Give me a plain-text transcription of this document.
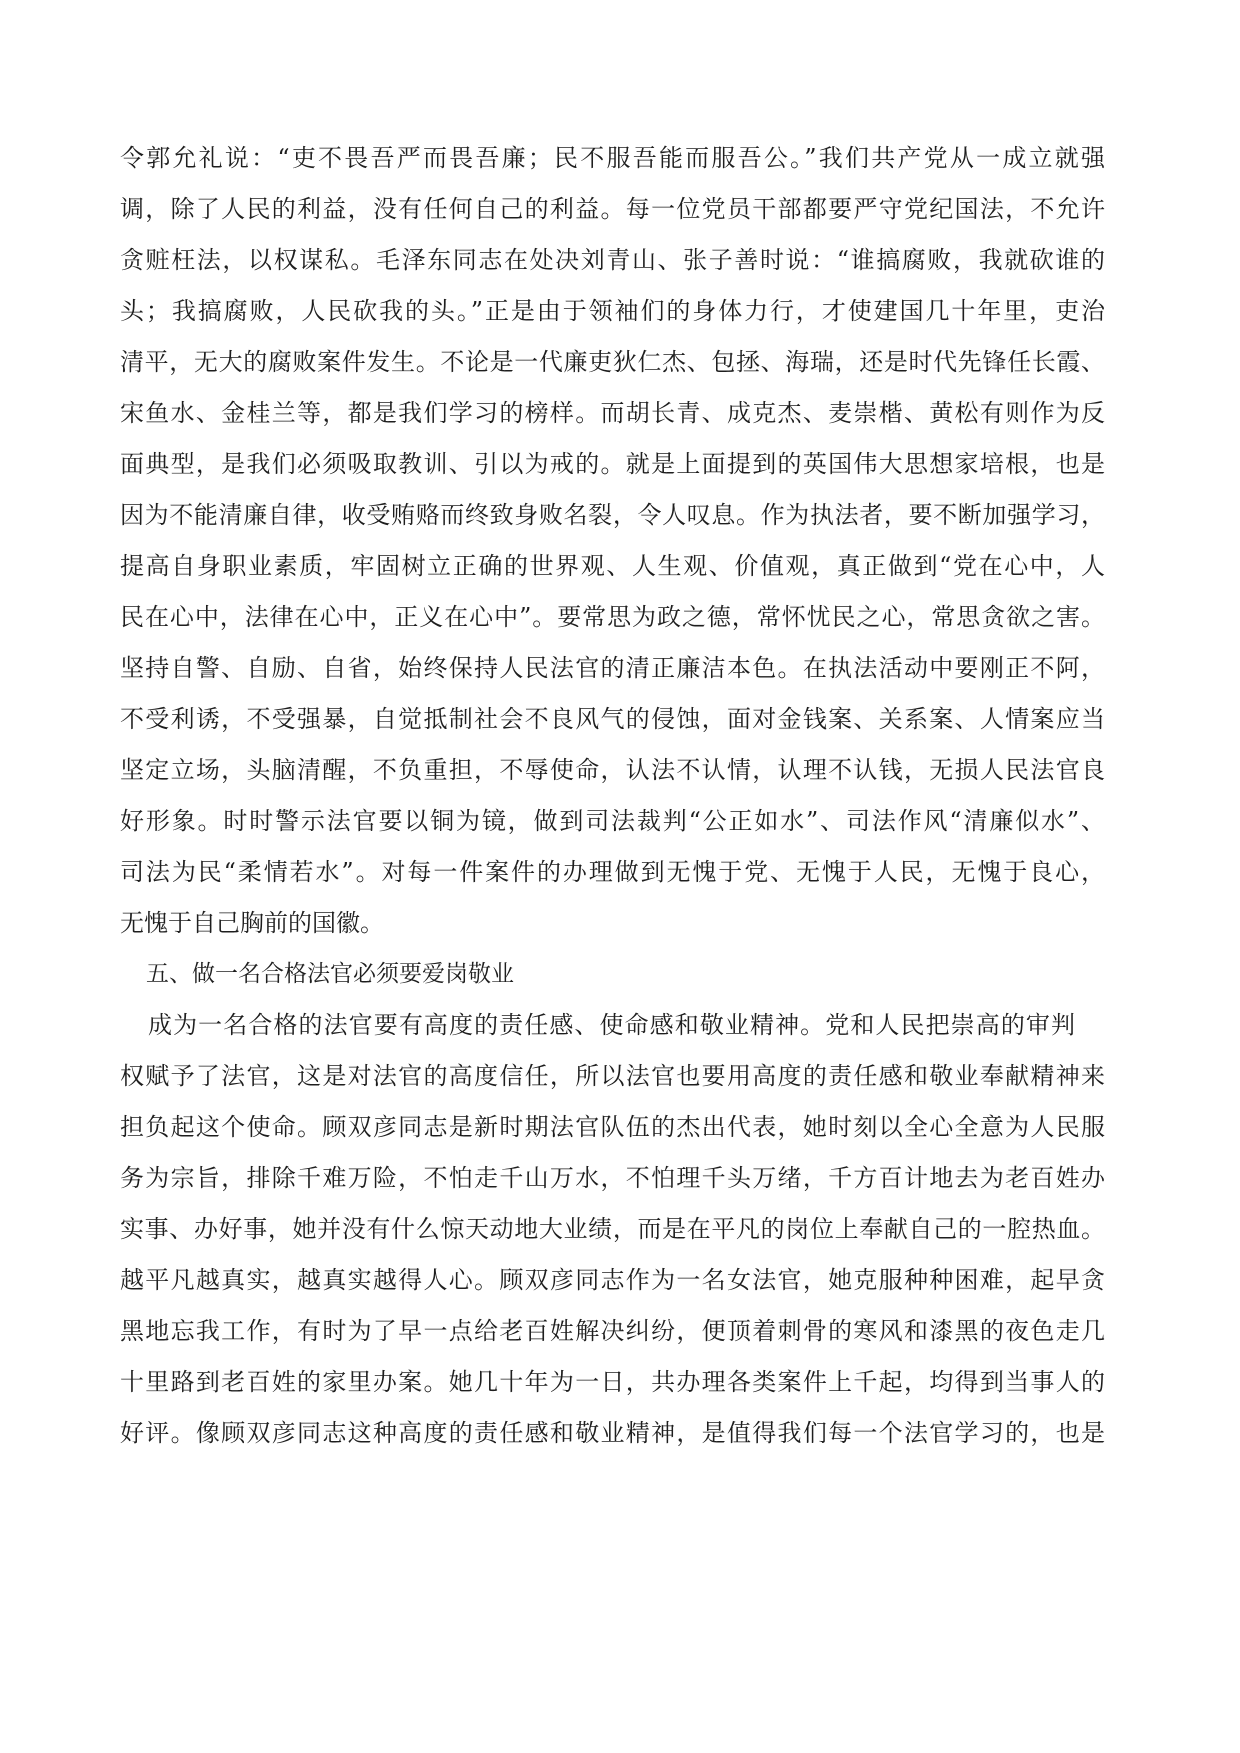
令郭允礼说：“吏不畏吾严而畏吾廉；民不服吾能而服吾公。”我们共产党从一成立就强
调，除了人民的利益，没有任何自己的利益。每一位党员干部都要严守党纪国法，不允许
贪赃枉法，以权谋私。毛泽东同志在处决刘青山、张子善时说：“谁搞腐败，我就砍谁的
头；我搞腐败，人民砍我的头。”正是由于领袖们的身体力行，才使建国几十年里，吏治
清平，无大的腐败案件发生。不论是一代廉吏狄仁杰、包拯、海瑞，还是时代先锋任长霞、
宋鱼水、金桂兰等，都是我们学习的榜样。而胡长青、成克杰、麦崇楷、黄松有则作为反
面典型，是我们必须吸取教训、引以为戒的。就是上面提到的英国伟大思想家培根，也是
因为不能清廉自律，收受贿赂而终致身败名裂，令人叹息。作为执法者，要不断加强学习，
提高自身职业素质，牢固树立正确的世界观、人生观、价值观，真正做到“党在心中，人
民在心中，法律在心中，正义在心中”。要常思为政之德，常怀忧民之心，常思贪欲之害。
坚持自警、自励、自省，始终保持人民法官的清正廉洁本色。在执法活动中要刚正不阿，
不受利诱，不受强暴，自觉抵制社会不良风气的侵蚀，面对金钱案、关系案、人情案应当
坚定立场，头脑清醒，不负重担，不辱使命，认法不认情，认理不认钱，无损人民法官良
好形象。时时警示法官要以铜为镜，做到司法裁判“公正如水”、司法作风“清廉似水”、
司法为民“柔情若水”。对每一件案件的办理做到无愧于党、无愧于人民，无愧于良心，
无愧于自己胸前的国徽。
五、做一名合格法官必须要爱岗敬业
成为一名合格的法官要有高度的责任感、使命感和敬业精神。党和人民把崇高的审判
权赋予了法官，这是对法官的高度信任，所以法官也要用高度的责任感和敬业奉献精神来
担负起这个使命。顾双彦同志是新时期法官队伍的杰出代表，她时刻以全心全意为人民服
务为宗旨，排除千难万险，不怕走千山万水，不怕理千头万绪，千方百计地去为老百姓办
实事、办好事，她并没有什么惊天动地大业绩，而是在平凡的岗位上奉献自己的一腔热血。
越平凡越真实，越真实越得人心。顾双彦同志作为一名女法官，她克服种种困难，起早贪
黑地忘我工作，有时为了早一点给老百姓解决纠纷，便顶着刺骨的寒风和漆黑的夜色走几
十里路到老百姓的家里办案。她几十年为一日，共办理各类案件上千起，均得到当事人的
好评。像顾双彦同志这种高度的责任感和敬业精神，是值得我们每一个法官学习的，也是
